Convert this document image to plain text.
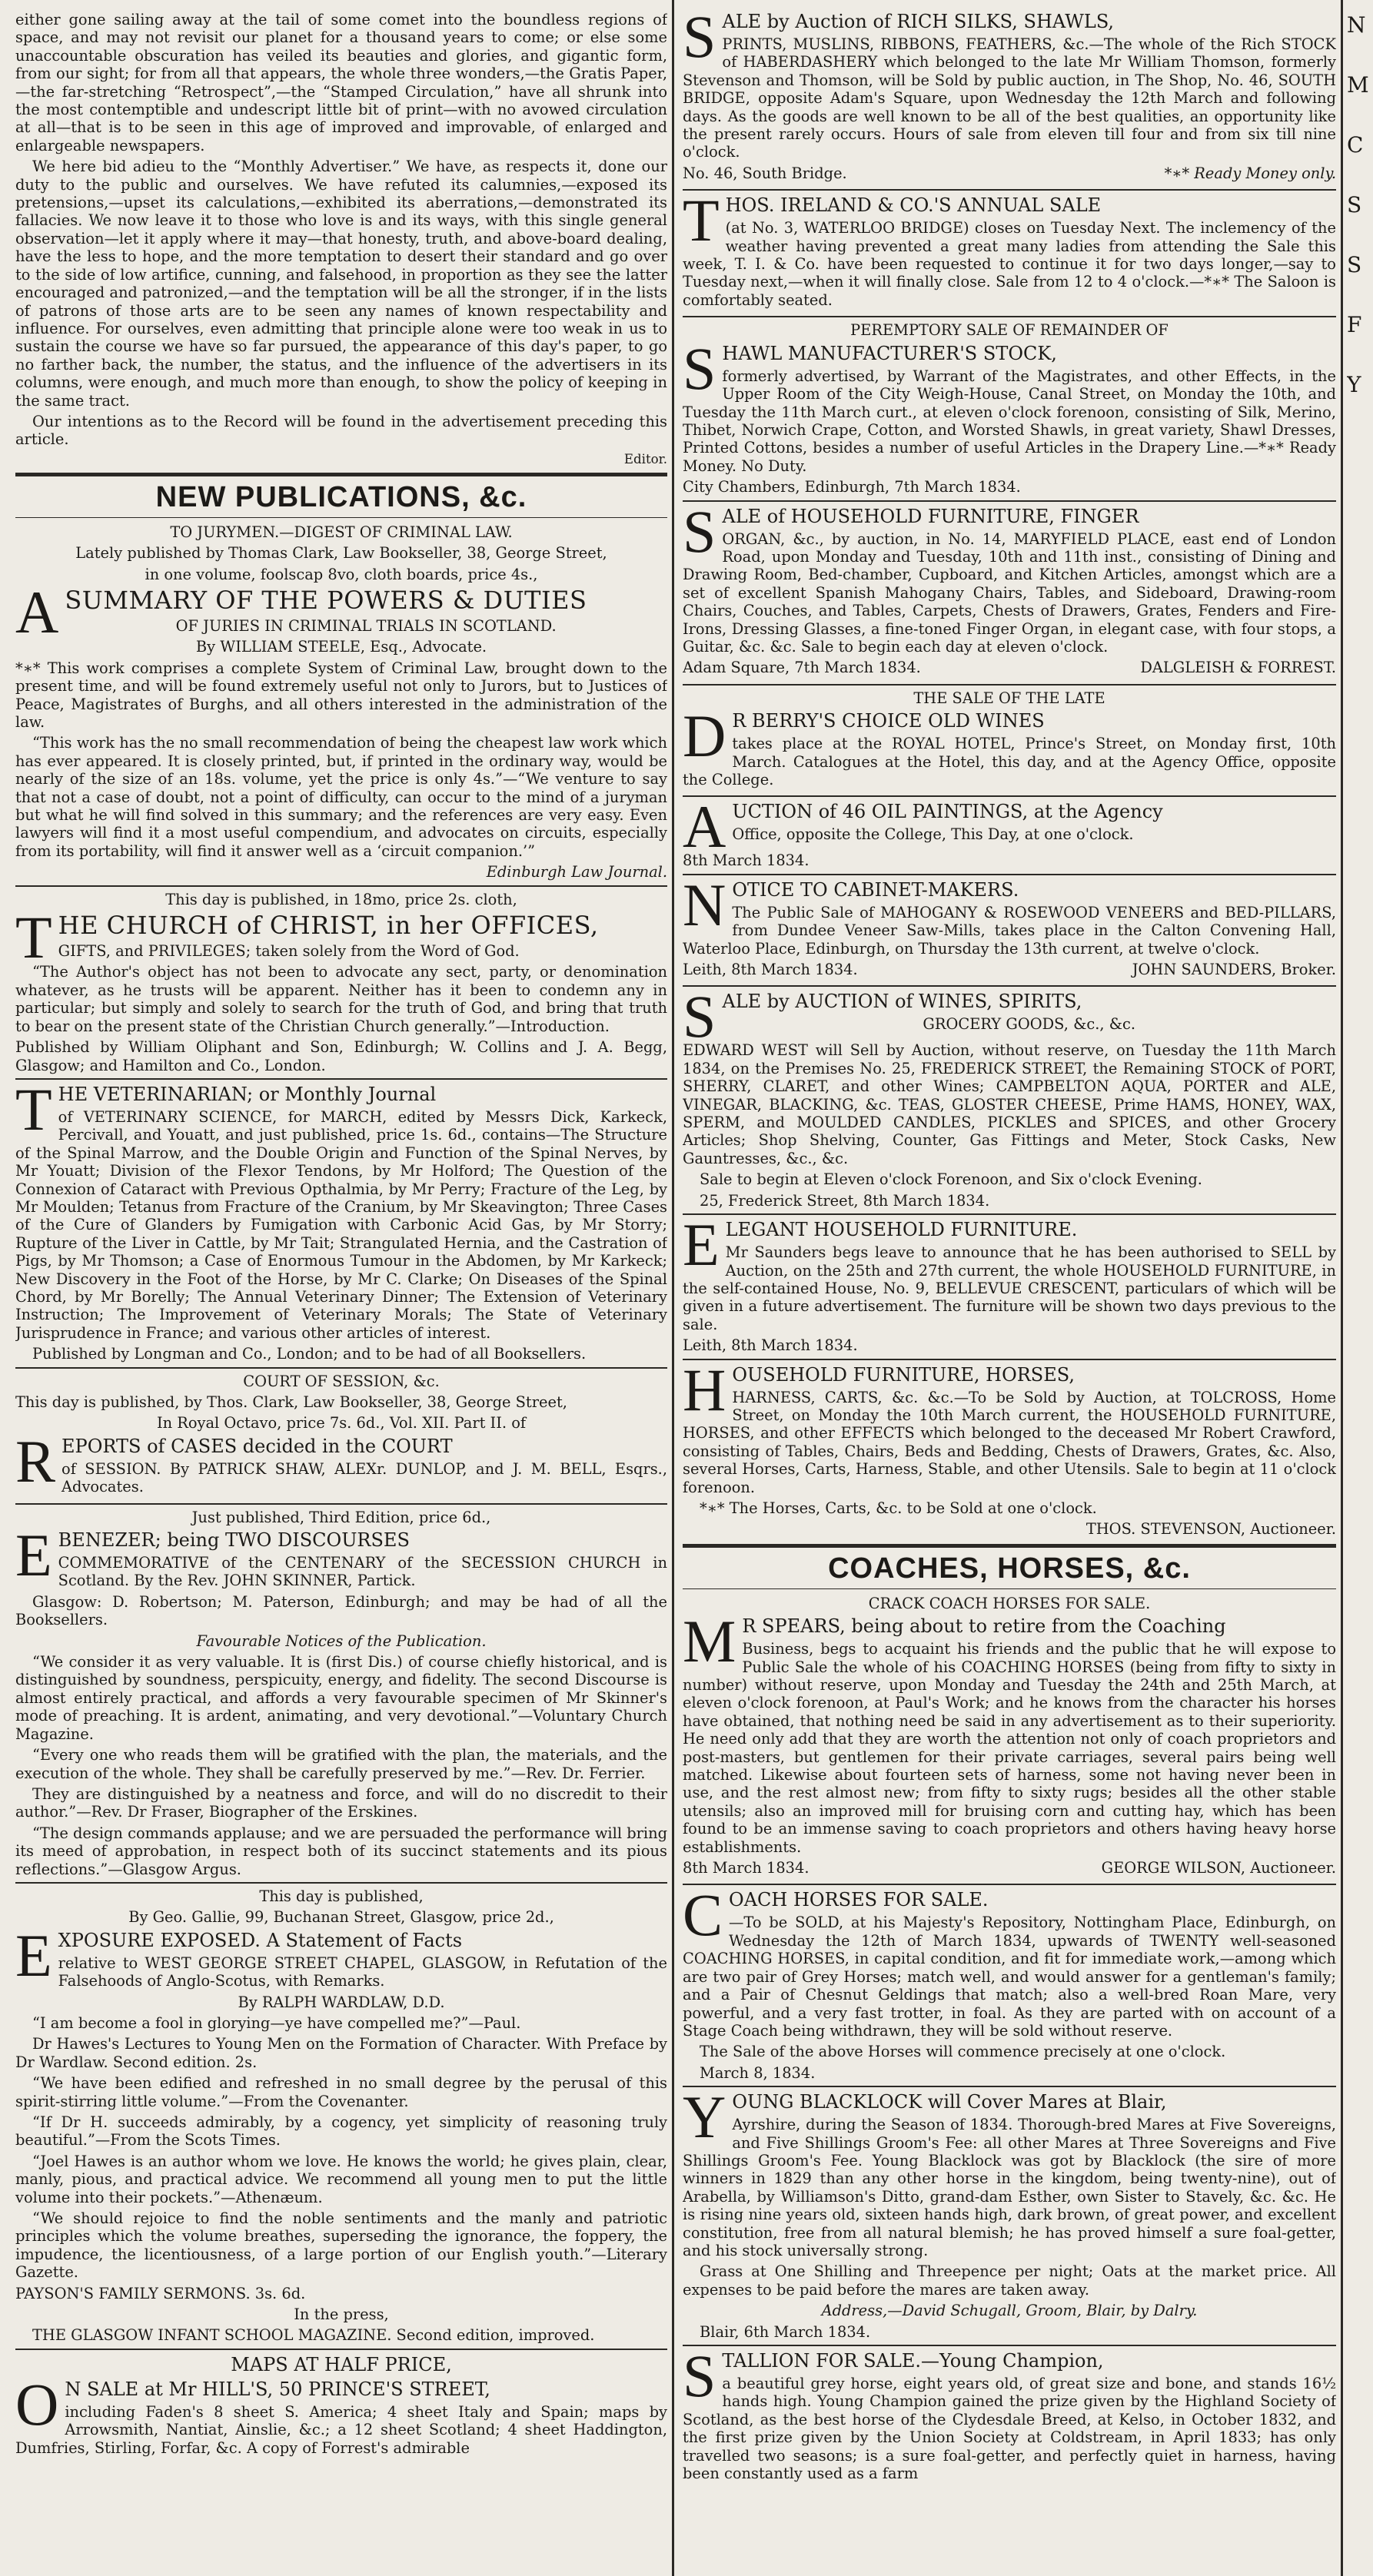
either gone sailing away at the tail of some comet into the boundless regions of space, and may not revisit our planet for a thousand years to come; or else some unaccountable obscuration has veiled its beauties and glories, and gigantic form, from our sight; for from all that appears, the whole three wonders,—the Gratis Paper,—the far-stretching “Retrospect”,—the “Stamped Circulation,” have all shrunk into the most contemptible and undescript little bit of print—with no avowed circulation at all—that is to be seen in this age of improved and improvable, of enlarged and enlargeable newspapers.

We here bid adieu to the “Monthly Advertiser.” We have, as respects it, done our duty to the public and ourselves. We have refuted its calumnies,—exposed its pretensions,—upset its calculations,—exhibited its aberrations,—demonstrated its fallacies. We now leave it to those who love is and its ways, with this single general observation—let it apply where it may—that honesty, truth, and above-board dealing, have the less to hope, and the more temptation to desert their standard and go over to the side of low artifice, cunning, and falsehood, in proportion as they see the latter encouraged and patronized,—and the temptation will be all the stronger, if in the lists of patrons of those arts are to be seen any names of known respectability and influence. For ourselves, even admitting that principle alone were too weak in us to sustain the course we have so far pursued, the appearance of this day's paper, to go no farther back, the number, the status, and the influence of the advertisers in its columns, were enough, and much more than enough, to show the policy of keeping in the same tract.

Our intentions as to the Record will be found in the advertisement preceding this article.

Editor.

NEW PUBLICATIONS, &c.

TO JURYMEN.—DIGEST OF CRIMINAL LAW.

Lately published by Thomas Clark, Law Bookseller, 38, George Street,

in one volume, foolscap 8vo, cloth boards, price 4s.,

A SUMMARY OF THE POWERS & DUTIES

OF JURIES IN CRIMINAL TRIALS IN SCOTLAND.

By WILLIAM STEELE, Esq., Advocate.

*∗* This work comprises a complete System of Criminal Law, brought down to the present time, and will be found extremely useful not only to Jurors, but to Justices of Peace, Magistrates of Burghs, and all others interested in the administration of the law.

“This work has the no small recommendation of being the cheapest law work which has ever appeared. It is closely printed, but, if printed in the ordinary way, would be nearly of the size of an 18s. volume, yet the price is only 4s.”—“We venture to say that not a case of doubt, not a point of difficulty, can occur to the mind of a juryman but what he will find solved in this summary; and the references are very easy. Even lawyers will find it a most useful compendium, and advocates on circuits, especially from its portability, will find it answer well as a ‘circuit companion.’”

Edinburgh Law Journal.

This day is published, in 18mo, price 2s. cloth,

T HE CHURCH of CHRIST, in her OFFICES,

GIFTS, and PRIVILEGES; taken solely from the Word of God.

“The Author's object has not been to advocate any sect, party, or denomination whatever, as he trusts will be apparent. Neither has it been to condemn any in particular; but simply and solely to search for the truth of God, and bring that truth to bear on the present state of the Christian Church generally.”—Introduction.

Published by William Oliphant and Son, Edinburgh; W. Collins and J. A. Begg, Glasgow; and Hamilton and Co., London.

T HE VETERINARIAN; or Monthly Journal

of VETERINARY SCIENCE, for MARCH, edited by Messrs Dick, Karkeck, Percivall, and Youatt, and just published, price 1s. 6d., contains—The Structure of the Spinal Marrow, and the Double Origin and Function of the Spinal Nerves, by Mr Youatt; Division of the Flexor Tendons, by Mr Holford; The Question of the Connexion of Cataract with Previous Opthalmia, by Mr Perry; Fracture of the Leg, by Mr Moulden; Tetanus from Fracture of the Cranium, by Mr Skeavington; Three Cases of the Cure of Glanders by Fumigation with Carbonic Acid Gas, by Mr Storry; Rupture of the Liver in Cattle, by Mr Tait; Strangulated Hernia, and the Castration of Pigs, by Mr Thomson; a Case of Enormous Tumour in the Abdomen, by Mr Karkeck; New Discovery in the Foot of the Horse, by Mr C. Clarke; On Diseases of the Spinal Chord, by Mr Borelly; The Annual Veterinary Dinner; The Extension of Veterinary Instruction; The Improvement of Veterinary Morals; The State of Veterinary Jurisprudence in France; and various other articles of interest.

Published by Longman and Co., London; and to be had of all Booksellers.

COURT OF SESSION, &c.

This day is published, by Thos. Clark, Law Bookseller, 38, George Street,

In Royal Octavo, price 7s. 6d., Vol. XII. Part II. of

R EPORTS of CASES decided in the COURT

of SESSION. By PATRICK SHAW, ALEXr. DUNLOP, and J. M. BELL, Esqrs., Advocates.

Just published, Third Edition, price 6d.,

E BENEZER; being TWO DISCOURSES

COMMEMORATIVE of the CENTENARY of the SECESSION CHURCH in Scotland. By the Rev. JOHN SKINNER, Partick.

Glasgow: D. Robertson; M. Paterson, Edinburgh; and may be had of all the Booksellers.

Favourable Notices of the Publication.

“We consider it as very valuable. It is (first Dis.) of course chiefly historical, and is distinguished by soundness, perspicuity, energy, and fidelity. The second Discourse is almost entirely practical, and affords a very favourable specimen of Mr Skinner's mode of preaching. It is ardent, animating, and very devotional.”—Voluntary Church Magazine.

“Every one who reads them will be gratified with the plan, the materials, and the execution of the whole. They shall be carefully preserved by me.”—Rev. Dr. Ferrier.

They are distinguished by a neatness and force, and will do no discredit to their author.”—Rev. Dr Fraser, Biographer of the Erskines.

“The design commands applause; and we are persuaded the performance will bring its meed of approbation, in respect both of its succinct statements and its pious reflections.”—Glasgow Argus.

This day is published,

By Geo. Gallie, 99, Buchanan Street, Glasgow, price 2d.,

E XPOSURE EXPOSED. A Statement of Facts

relative to WEST GEORGE STREET CHAPEL, GLASGOW, in Refutation of the Falsehoods of Anglo-Scotus, with Remarks.

By RALPH WARDLAW, D.D.

“I am become a fool in glorying—ye have compelled me?”—Paul.

Dr Hawes's Lectures to Young Men on the Formation of Character. With Preface by Dr Wardlaw. Second edition. 2s.

“We have been edified and refreshed in no small degree by the perusal of this spirit-stirring little volume.”—From the Covenanter.

“If Dr H. succeeds admirably, by a cogency, yet simplicity of reasoning truly beautiful.”—From the Scots Times.

“Joel Hawes is an author whom we love. He knows the world; he gives plain, clear, manly, pious, and practical advice. We recommend all young men to put the little volume into their pockets.”—Athenæum.

“We should rejoice to find the noble sentiments and the manly and patriotic principles which the volume breathes, superseding the ignorance, the foppery, the impudence, the licentiousness, of a large portion of our English youth.”—Literary Gazette.

PAYSON'S FAMILY SERMONS. 3s. 6d.

In the press,

THE GLASGOW INFANT SCHOOL MAGAZINE. Second edition, improved.

MAPS AT HALF PRICE,

O N SALE at Mr HILL'S, 50 PRINCE'S STREET,

including Faden's 8 sheet S. America; 4 sheet Italy and Spain; maps by Arrowsmith, Nantiat, Ainslie, &c.; a 12 sheet Scotland; 4 sheet Haddington, Dumfries, Stirling, Forfar, &c. A copy of Forrest's admirable

S ALE by Auction of RICH SILKS, SHAWLS,

PRINTS, MUSLINS, RIBBONS, FEATHERS, &c.—The whole of the Rich STOCK of HABERDASHERY which belonged to the late Mr William Thomson, formerly Stevenson and Thomson, will be Sold by public auction, in The Shop, No. 46, SOUTH BRIDGE, opposite Adam's Square, upon Wednesday the 12th March and following days. As the goods are well known to be all of the best qualities, an opportunity like the present rarely occurs. Hours of sale from eleven till four and from six till nine o'clock.

No. 46, South Bridge.	*∗* Ready Money only.

T HOS. IRELAND & CO.'S ANNUAL SALE

(at No. 3, WATERLOO BRIDGE) closes on Tuesday Next. The inclemency of the weather having prevented a great many ladies from attending the Sale this week, T. I. & Co. have been requested to continue it for two days longer,—say to Tuesday next,—when it will finally close. Sale from 12 to 4 o'clock.—*∗* The Saloon is comfortably seated.

PEREMPTORY SALE OF REMAINDER OF

S HAWL MANUFACTURER'S STOCK,

formerly advertised, by Warrant of the Magistrates, and other Effects, in the Upper Room of the City Weigh-House, Canal Street, on Monday the 10th, and Tuesday the 11th March curt., at eleven o'clock forenoon, consisting of Silk, Merino, Thibet, Norwich Crape, Cotton, and Worsted Shawls, in great variety, Shawl Dresses, Printed Cottons, besides a number of useful Articles in the Drapery Line.—*∗* Ready Money. No Duty.

City Chambers, Edinburgh, 7th March 1834.

S ALE of HOUSEHOLD FURNITURE, FINGER

ORGAN, &c., by auction, in No. 14, MARYFIELD PLACE, east end of London Road, upon Monday and Tuesday, 10th and 11th inst., consisting of Dining and Drawing Room, Bed-chamber, Cupboard, and Kitchen Articles, amongst which are a set of excellent Spanish Mahogany Chairs, Tables, and Sideboard, Drawing-room Chairs, Couches, and Tables, Carpets, Chests of Drawers, Grates, Fenders and Fire-Irons, Dressing Glasses, a fine-toned Finger Organ, in elegant case, with four stops, a Guitar, &c. &c. Sale to begin each day at eleven o'clock.

Adam Square, 7th March 1834.	DALGLEISH & FORREST.

THE SALE OF THE LATE

D R BERRY'S CHOICE OLD WINES

takes place at the ROYAL HOTEL, Prince's Street, on Monday first, 10th March. Catalogues at the Hotel, this day, and at the Agency Office, opposite the College.

A UCTION of 46 OIL PAINTINGS, at the Agency

Office, opposite the College, This Day, at one o'clock.

8th March 1834.

N OTICE TO CABINET-MAKERS.

The Public Sale of MAHOGANY & ROSEWOOD VENEERS and BED-PILLARS, from Dundee Veneer Saw-Mills, takes place in the Calton Convening Hall, Waterloo Place, Edinburgh, on Thursday the 13th current, at twelve o'clock.

Leith, 8th March 1834.	JOHN SAUNDERS, Broker.

S ALE by AUCTION of WINES, SPIRITS,

GROCERY GOODS, &c., &c.

EDWARD WEST will Sell by Auction, without reserve, on Tuesday the 11th March 1834, on the Premises No. 25, FREDERICK STREET, the Remaining STOCK of PORT, SHERRY, CLARET, and other Wines; CAMPBELTON AQUA, PORTER and ALE, VINEGAR, BLACKING, &c. TEAS, GLOSTER CHEESE, Prime HAMS, HONEY, WAX, SPERM, and MOULDED CANDLES, PICKLES and SPICES, and other Grocery Articles; Shop Shelving, Counter, Gas Fittings and Meter, Stock Casks, New Gauntresses, &c., &c.

Sale to begin at Eleven o'clock Forenoon, and Six o'clock Evening.

25, Frederick Street, 8th March 1834.

E LEGANT HOUSEHOLD FURNITURE.

Mr Saunders begs leave to announce that he has been authorised to SELL by Auction, on the 25th and 27th current, the whole HOUSEHOLD FURNITURE, in the self-contained House, No. 9, BELLEVUE CRESCENT, particulars of which will be given in a future advertisement. The furniture will be shown two days previous to the sale.

Leith, 8th March 1834.

H OUSEHOLD FURNITURE, HORSES,

HARNESS, CARTS, &c. &c.—To be Sold by Auction, at TOLCROSS, Home Street, on Monday the 10th March current, the HOUSEHOLD FURNITURE, HORSES, and other EFFECTS which belonged to the deceased Mr Robert Crawford, consisting of Tables, Chairs, Beds and Bedding, Chests of Drawers, Grates, &c. Also, several Horses, Carts, Harness, Stable, and other Utensils. Sale to begin at 11 o'clock forenoon.

*∗* The Horses, Carts, &c. to be Sold at one o'clock.

THOS. STEVENSON, Auctioneer.

COACHES, HORSES, &c.

CRACK COACH HORSES FOR SALE.

M R SPEARS, being about to retire from the Coaching

Business, begs to acquaint his friends and the public that he will expose to Public Sale the whole of his COACHING HORSES (being from fifty to sixty in number) without reserve, upon Monday and Tuesday the 24th and 25th March, at eleven o'clock forenoon, at Paul's Work; and he knows from the character his horses have obtained, that nothing need be said in any advertisement as to their superiority. He need only add that they are worth the attention not only of coach proprietors and post-masters, but gentlemen for their private carriages, several pairs being well matched. Likewise about fourteen sets of harness, some not having never been in use, and the rest almost new; from fifty to sixty rugs; besides all the other stable utensils; also an improved mill for bruising corn and cutting hay, which has been found to be an immense saving to coach proprietors and others having heavy horse establishments.

8th March 1834.	GEORGE WILSON, Auctioneer.

C OACH HORSES FOR SALE.

—To be SOLD, at his Majesty's Repository, Nottingham Place, Edinburgh, on Wednesday the 12th of March 1834, upwards of TWENTY well-seasoned COACHING HORSES, in capital condition, and fit for immediate work,—among which are two pair of Grey Horses; match well, and would answer for a gentleman's family; and a Pair of Chesnut Geldings that match; also a well-bred Roan Mare, very powerful, and a very fast trotter, in foal. As they are parted with on account of a Stage Coach being withdrawn, they will be sold without reserve.

The Sale of the above Horses will commence precisely at one o'clock.

March 8, 1834.

Y OUNG BLACKLOCK will Cover Mares at Blair,

Ayrshire, during the Season of 1834. Thorough-bred Mares at Five Sovereigns, and Five Shillings Groom's Fee: all other Mares at Three Sovereigns and Five Shillings Groom's Fee. Young Blacklock was got by Blacklock (the sire of more winners in 1829 than any other horse in the kingdom, being twenty-nine), out of Arabella, by Williamson's Ditto, grand-dam Esther, own Sister to Stavely, &c. &c. He is rising nine years old, sixteen hands high, dark brown, of great power, and excellent constitution, free from all natural blemish; he has proved himself a sure foal-getter, and his stock universally strong.

Grass at One Shilling and Threepence per night; Oats at the market price. All expenses to be paid before the mares are taken away.

Address,—David Schugall, Groom, Blair, by Dalry.

Blair, 6th March 1834.

S TALLION FOR SALE.—Young Champion,

a beautiful grey horse, eight years old, of great size and bone, and stands 16½ hands high. Young Champion gained the prize given by the Highland Society of Scotland, as the best horse of the Clydesdale Breed, at Kelso, in October 1832, and the first prize given by the Union Society at Coldstream, in April 1833; has only travelled two seasons; is a sure foal-getter, and perfectly quiet in harness, having been constantly used as a farm

N
M
C
S
S
F
Y
